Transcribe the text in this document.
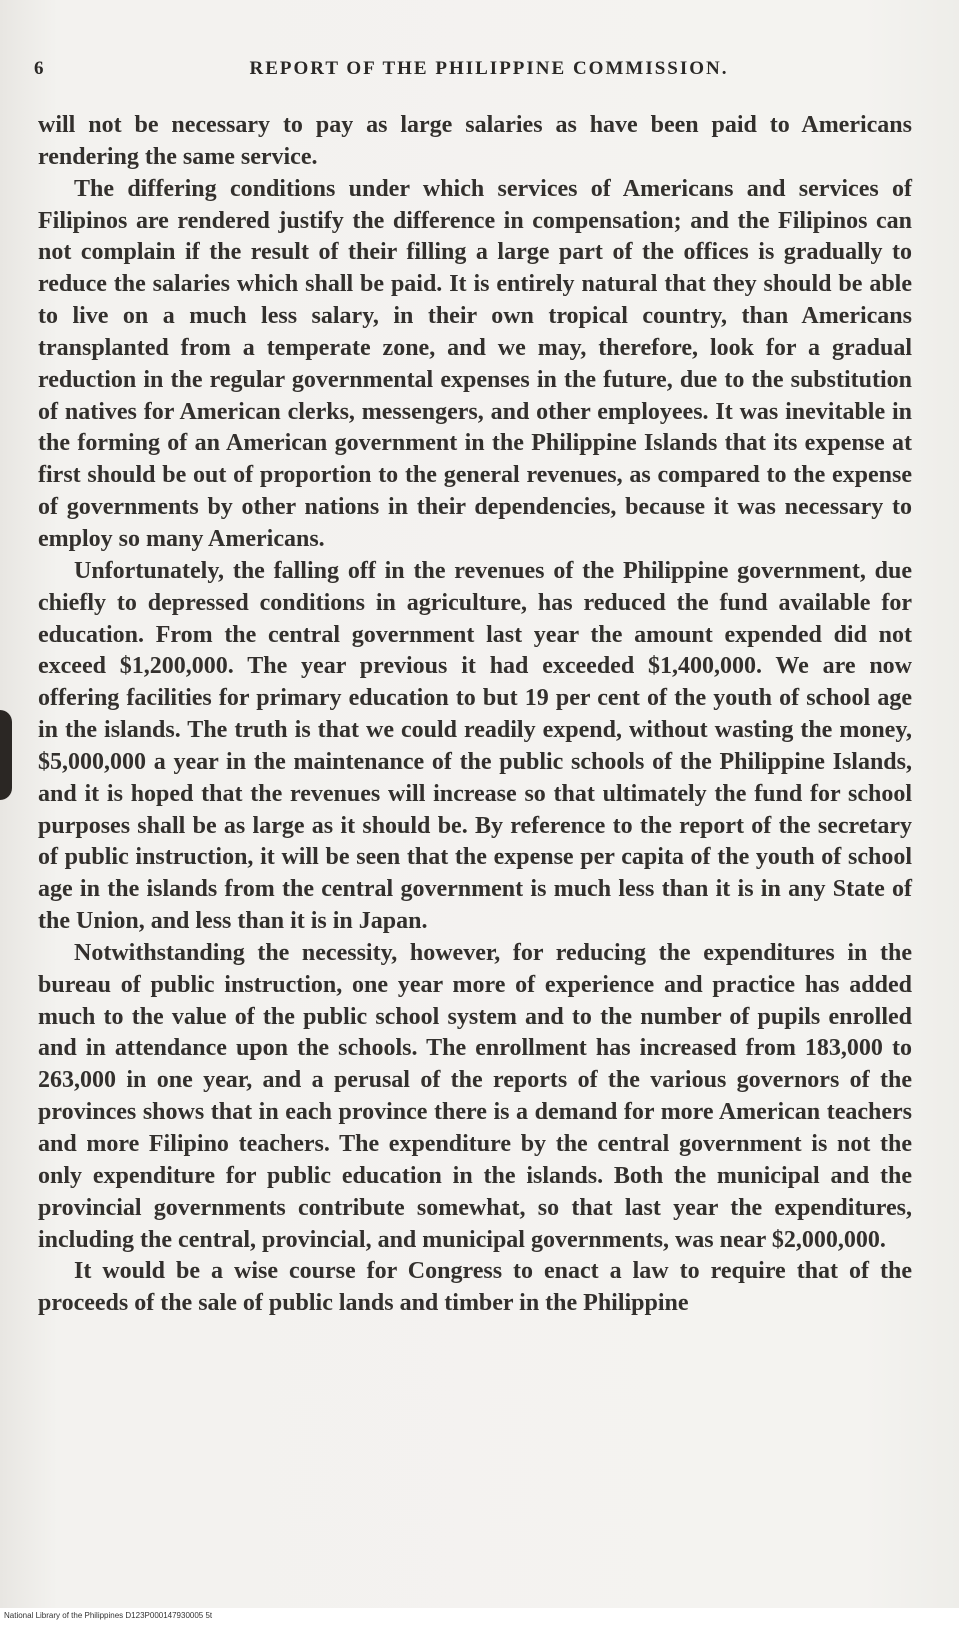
6	REPORT OF THE PHILIPPINE COMMISSION.

will not be necessary to pay as large salaries as have been paid to Americans rendering the same service.

The differing conditions under which services of Americans and services of Filipinos are rendered justify the difference in compensation; and the Filipinos can not complain if the result of their filling a large part of the offices is gradually to reduce the salaries which shall be paid. It is entirely natural that they should be able to live on a much less salary, in their own tropical country, than Americans transplanted from a temperate zone, and we may, therefore, look for a gradual reduction in the regular governmental expenses in the future, due to the substitution of natives for American clerks, messengers, and other employees. It was inevitable in the forming of an American government in the Philippine Islands that its expense at first should be out of proportion to the general revenues, as compared to the expense of governments by other nations in their dependencies, because it was necessary to employ so many Americans.

Unfortunately, the falling off in the revenues of the Philippine government, due chiefly to depressed conditions in agriculture, has reduced the fund available for education. From the central government last year the amount expended did not exceed $1,200,000. The year previous it had exceeded $1,400,000. We are now offering facilities for primary education to but 19 per cent of the youth of school age in the islands. The truth is that we could readily expend, without wasting the money, $5,000,000 a year in the maintenance of the public schools of the Philippine Islands, and it is hoped that the revenues will increase so that ultimately the fund for school purposes shall be as large as it should be. By reference to the report of the secretary of public instruction, it will be seen that the expense per capita of the youth of school age in the islands from the central government is much less than it is in any State of the Union, and less than it is in Japan.

Notwithstanding the necessity, however, for reducing the expenditures in the bureau of public instruction, one year more of experience and practice has added much to the value of the public school system and to the number of pupils enrolled and in attendance upon the schools. The enrollment has increased from 183,000 to 263,000 in one year, and a perusal of the reports of the various governors of the provinces shows that in each province there is a demand for more American teachers and more Filipino teachers. The expenditure by the central government is not the only expenditure for public education in the islands. Both the municipal and the provincial governments contribute somewhat, so that last year the expenditures, including the central, provincial, and municipal governments, was near $2,000,000.

It would be a wise course for Congress to enact a law to require that of the proceeds of the sale of public lands and timber in the Philippine

National Library of the Philippines D123P000147930005 5t
